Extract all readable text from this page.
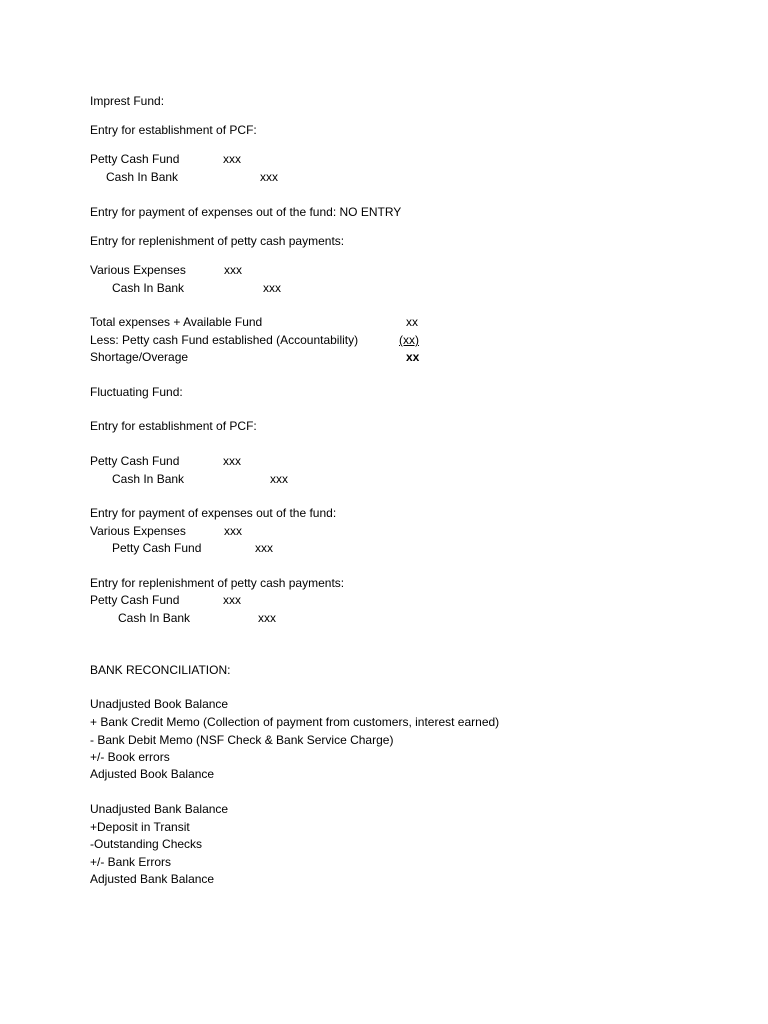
Imprest Fund:
Entry for establishment of PCF:
Petty Cash Fund	xxx
Cash In Bank	xxx
Entry for payment of expenses out of the fund: NO ENTRY
Entry for replenishment of petty cash payments:
Various Expenses	xxx
Cash In Bank	xxx
Total expenses + Available Fund	xx
Less: Petty cash Fund established (Accountability)	(xx)
Shortage/Overage	xx
Fluctuating Fund:
Entry for establishment of PCF:
Petty Cash Fund	xxx
Cash In Bank	xxx
Entry for payment of expenses out of the fund:
Various Expenses	xxx
Petty Cash Fund	xxx
Entry for replenishment of petty cash payments:
Petty Cash Fund	xxx
Cash In Bank	xxx
BANK RECONCILIATION:
Unadjusted Book Balance
+ Bank Credit Memo (Collection of payment from customers, interest earned)
- Bank Debit Memo (NSF Check & Bank Service Charge)
+/- Book errors
Adjusted Book Balance
Unadjusted Bank Balance
+Deposit in Transit
-Outstanding Checks
+/- Bank Errors
Adjusted Bank Balance
